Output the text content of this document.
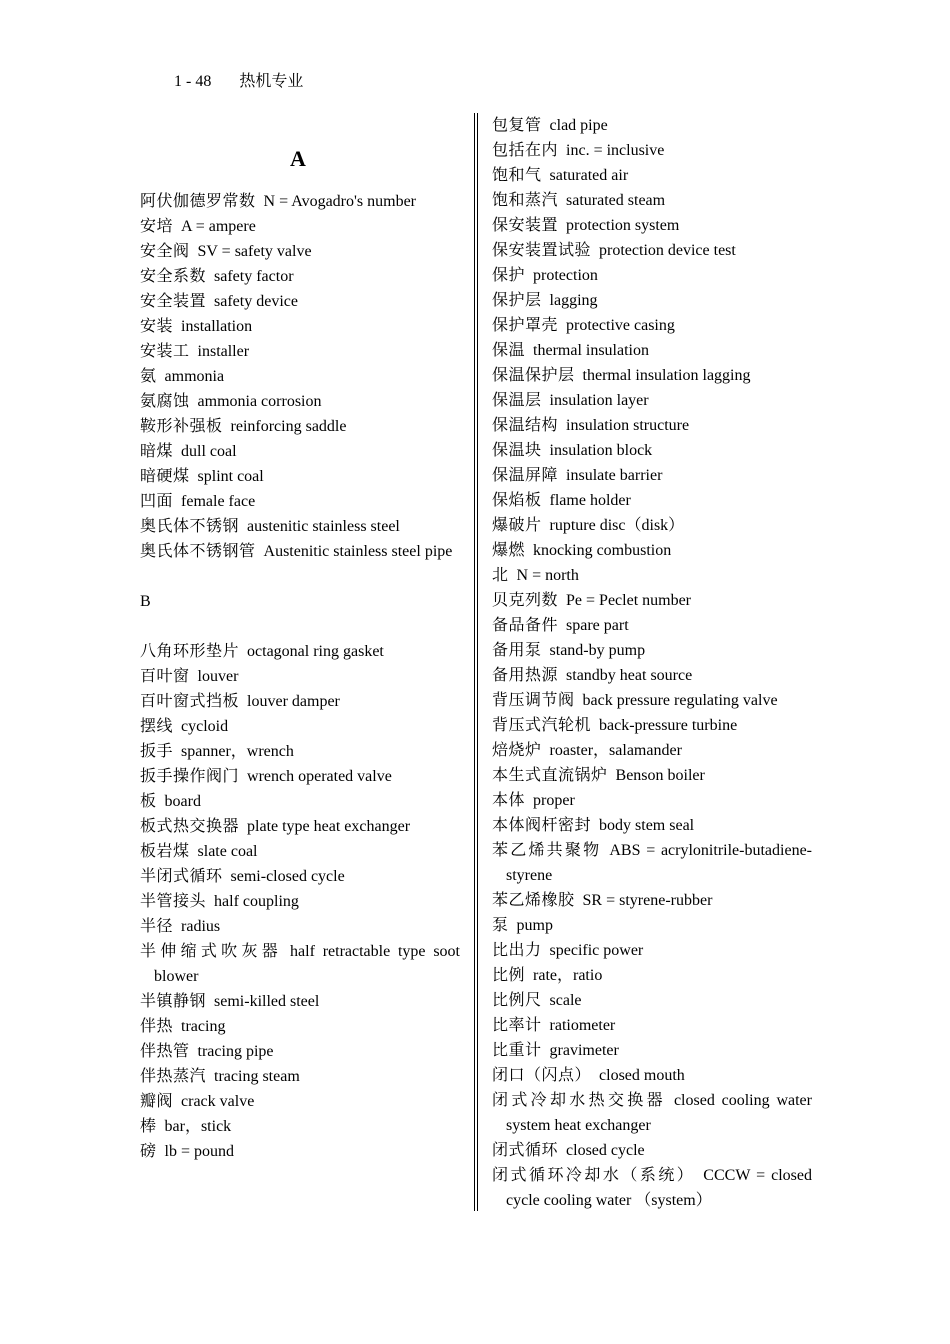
1 - 48 热机专业
A
阿伏伽德罗常数 N = Avogadro's number
安培 A = ampere
安全阀 SV = safety valve
安全系数 safety factor
安全装置 safety device
安装 installation
安装工 installer
氨 ammonia
氨腐蚀 ammonia corrosion
鞍形补强板 reinforcing saddle
暗煤 dull coal
暗硬煤 splint coal
凹面 female face
奥氏体不锈钢 austenitic stainless steel
奥氏体不锈钢管 Austenitic stainless steel pipe
B
八角环形垫片 octagonal ring gasket
百叶窗 louver
百叶窗式挡板 louver damper
摆线 cycloid
扳手 spanner，wrench
扳手操作阀门 wrench operated valve
板 board
板式热交换器 plate type heat exchanger
板岩煤 slate coal
半闭式循环 semi-closed cycle
半管接头 half coupling
半径 radius
半伸缩式吹灰器 half retractable type soot blower
半镇静钢 semi-killed steel
伴热 tracing
伴热管 tracing pipe
伴热蒸汽 tracing steam
瓣阀 crack valve
棒 bar，stick
磅 lb = pound
包复管 clad pipe
包括在内 inc. = inclusive
饱和气 saturated air
饱和蒸汽 saturated steam
保安装置 protection system
保安装置试验 protection device test
保护 protection
保护层 lagging
保护罩壳 protective casing
保温 thermal insulation
保温保护层 thermal insulation lagging
保温层 insulation layer
保温结构 insulation structure
保温块 insulation block
保温屏障 insulate barrier
保焰板 flame holder
爆破片 rupture disc（disk）
爆燃 knocking combustion
北 N = north
贝克列数 Pe = Peclet number
备品备件 spare part
备用泵 stand-by pump
备用热源 standby heat source
背压调节阀 back pressure regulating valve
背压式汽轮机 back-pressure turbine
焙烧炉 roaster，salamander
本生式直流锅炉 Benson boiler
本体 proper
本体阀杆密封 body stem seal
苯乙烯共聚物 ABS = acrylonitrile-butadiene-styrene
苯乙烯橡胶 SR = styrene-rubber
泵 pump
比出力 specific power
比例 rate，ratio
比例尺 scale
比率计 ratiometer
比重计 gravimeter
闭口（闪点） closed mouth
闭式冷却水热交换器 closed cooling water system heat exchanger
闭式循环 closed cycle
闭式循环冷却水（系统） CCCW = closed cycle cooling water （system）
